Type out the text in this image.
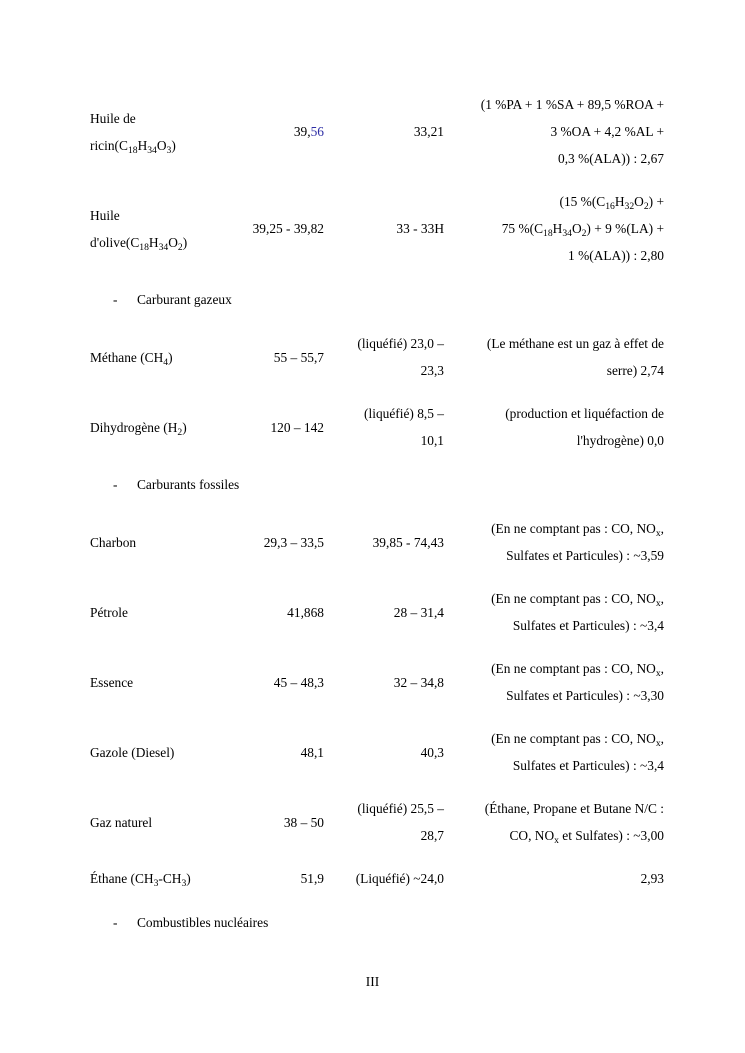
Huile de
$ricin(C_{18}H_{34}O_3)$	39,56	33,21	(1 %PA + 1 %SA + 89,5 %ROA +
3 %OA + 4,2 %AL +
0,3 %(ALA)) : 2,67
Huile
$d'olive(C_{18}H_{34}O_2)$	39,25 - 39,82	33 - 33H	(15 $\%(C_{16}H_{32}O_2)$ +
75 $\%(C_{18}H_{34}O_2) + 9$ %(LA) +
1 %(ALA)) : 2,80

- Carburant gazeux

Méthane $(CH_4)$	55 – 55,7	(liquéfié) 23,0 –
23,3	(Le méthane est un gaz à effet de
serre) 2,74
Dihydrogène $(H_2)$	120 – 142	(liquéfié) 8,5 –
10,1	(production et liquéfaction de
l'hydrogène) 0,0

- Carburants fossiles

Charbon	29,3 – 33,5	39,85 - 74,43	(En ne comptant pas : CO, $NO_x$,
Sulfates et Particules) : ~3,59
Pétrole	41,868	28 – 31,4	(En ne comptant pas : CO, $NO_x$,
Sulfates et Particules) : ~3,4
Essence	45 – 48,3	32 – 34,8	(En ne comptant pas : CO, $NO_x$,
Sulfates et Particules) : ~3,30
Gazole (Diesel)	48,1	40,3	(En ne comptant pas : CO, $NO_x$,
Sulfates et Particules) : ~3,4
Gaz naturel	38 – 50	(liquéfié) 25,5 –
28,7	(Éthane, Propane et Butane N/C :
CO, $NO_x$ et Sulfates) : ~3,00
Éthane $(CH_3-CH_3)$	51,9	(Liquéfié) ~24,0	2,93

- Combustibles nucléaires

III
